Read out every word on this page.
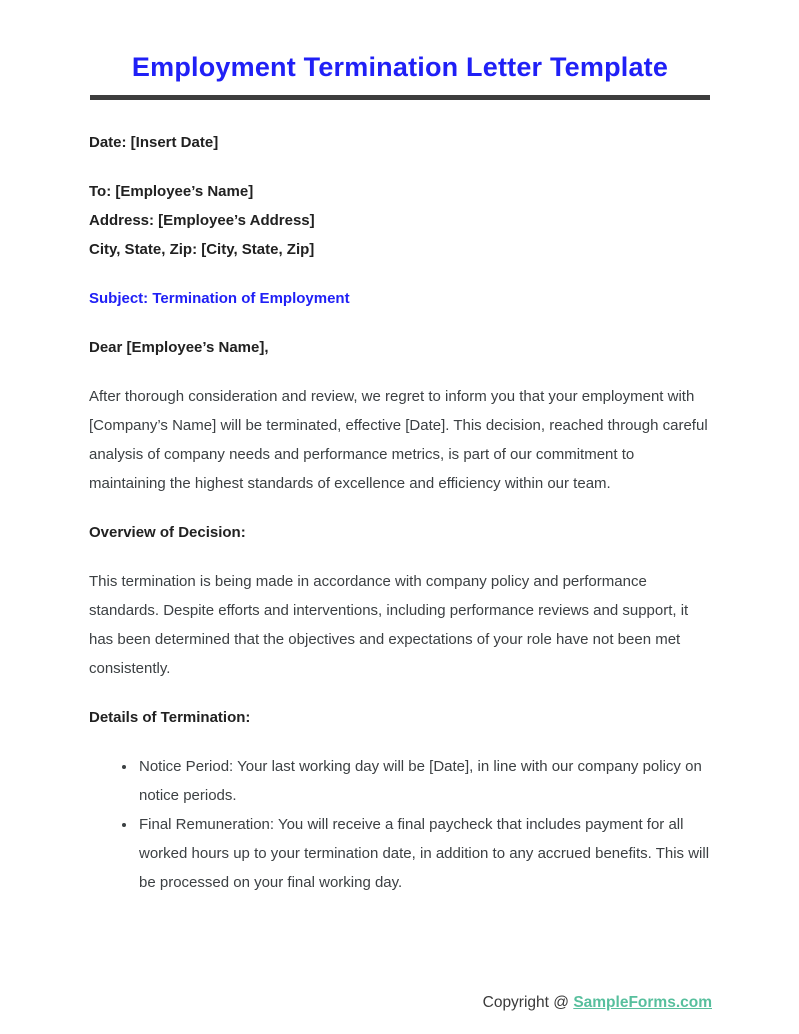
Employment Termination Letter Template
Date: [Insert Date]
To: [Employee’s Name]
Address: [Employee’s Address]
City, State, Zip: [City, State, Zip]
Subject: Termination of Employment
Dear [Employee’s Name],

After thorough consideration and review, we regret to inform you that your employment with [Company’s Name] will be terminated, effective [Date]. This decision, reached through careful analysis of company needs and performance metrics, is part of our commitment to maintaining the highest standards of excellence and efficiency within our team.

Overview of Decision:

This termination is being made in accordance with company policy and performance standards. Despite efforts and interventions, including performance reviews and support, it has been determined that the objectives and expectations of your role have not been met consistently.

Details of Termination:
• Notice Period: Your last working day will be [Date], in line with our company policy on notice periods.
• Final Remuneration: You will receive a final paycheck that includes payment for all worked hours up to your termination date, in addition to any accrued benefits. This will be processed on your final working day.
Copyright @ SampleForms.com
